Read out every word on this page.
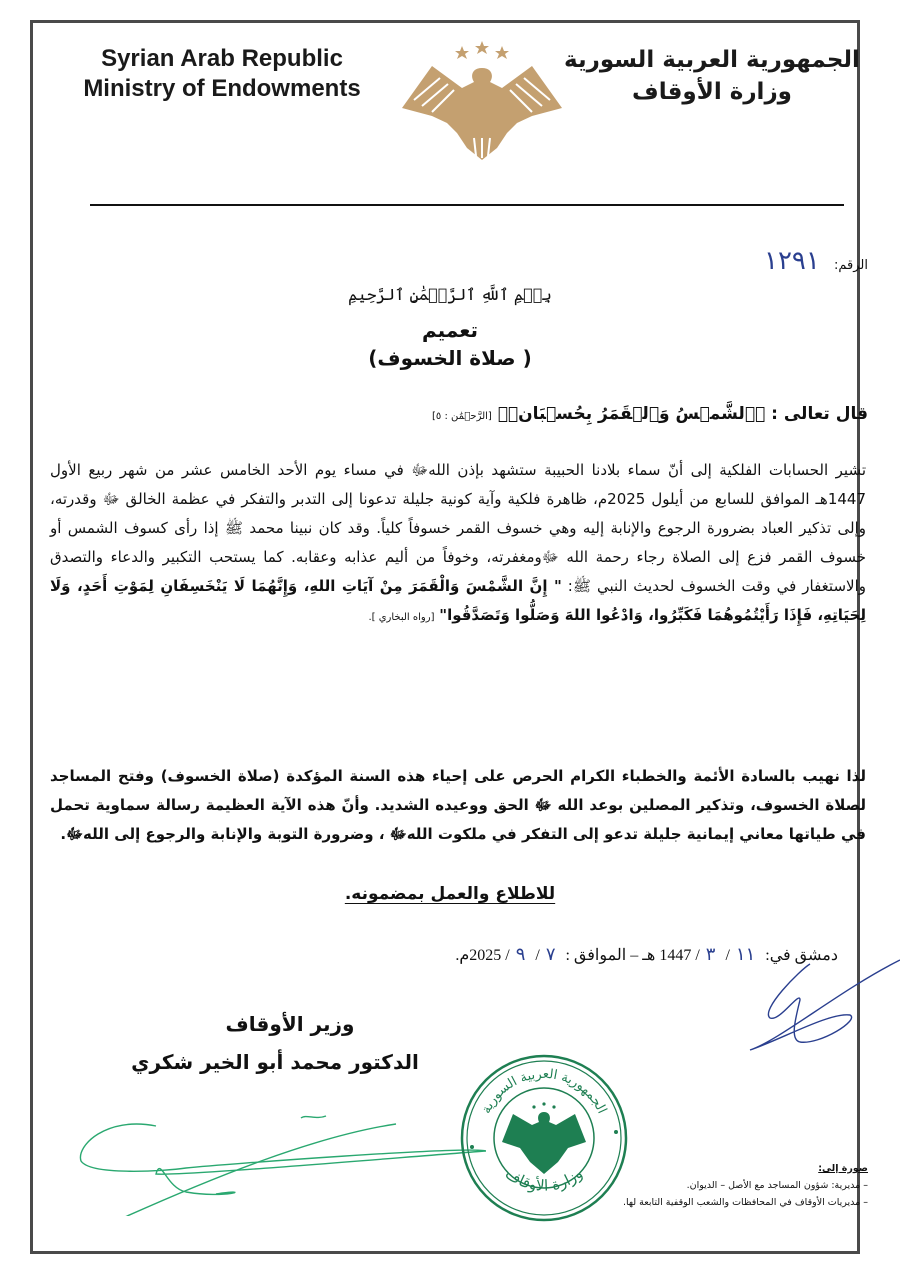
Syrian Arab Republic
Ministry of Endowments
الجمهورية العربية السورية
وزارة الأوقاف
الرقم: ١٢٩١
بِسۡمِ ٱللَّهِ ٱلرَّحۡمَٰنِ ٱلرَّحِيمِ
تعميم
( صلاة الخسوف)
قال تعالى : ﴿ٱلشَّمۡسُ وَٱلۡقَمَرُ بِحُسۡبَانٖ﴾ [الرَّحۡمَٰن : ٥]
تشير الحسابات الفلكية إلى أنّ سماء بلادنا الحبيبة ستشهد بإذن اللهﷻ في مساء يوم الأحد الخامس عشر من شهر ربيع الأول 1447هـ الموافق للسابع من أيلول 2025م، ظاهرة فلكية وآية كونية جليلة تدعونا إلى التدبر والتفكر في عظمة الخالق ﷻ وقدرته، وإلى تذكير العباد بضرورة الرجوع والإنابة إليه وهي خسوف القمر خسوفاً كلياً. وقد كان نبينا محمد ﷺ إذا رأى كسوف الشمس أو خسوف القمر فزع إلى الصلاة رجاء رحمة الله ﷻومغفرته، وخوفاً من أليم عذابه وعقابه. كما يستحب التكبير والدعاء والتصدق والاستغفار في وقت الخسوف لحديث النبي ﷺ: " إِنَّ الشَّمْسَ وَالْقَمَرَ مِنْ آيَاتِ اللهِ، وَإِنَّهُمَا لَا يَنْخَسِفَانِ لِمَوْتِ أَحَدٍ، وَلَا لِحَيَاتِهِ، فَإِذَا رَأَيْتُمُوهُمَا فَكَبِّرُوا، وَادْعُوا اللهَ وَصَلُّوا وَتَصَدَّقُوا" [رواه البخاري ].
لذا نهيب بالسادة الأئمة والخطباء الكرام الحرص على إحياء هذه السنة المؤكدة (صلاة الخسوف) وفتح المساجد لصلاة الخسوف، وتذكير المصلين بوعد الله ﷻ الحق ووعيده الشديد. وأنّ هذه الآية العظيمة رسالة سماوية تحمل في طياتها معاني إيمانية جليلة تدعو إلى التفكر في ملكوت اللهﷻ ، وضرورة التوبة والإنابة والرجوع إلى اللهﷻ.
للاطلاع والعمل بمضمونه.
دمشق في: ١١/ ٣/ 1447 هـ – الموافق : ٧/ ٩/ 2025م.
وزير الأوقاف
الدكتور محمد أبو الخير شكري
الجمهورية العربية السورية
وزارة الأوقاف	صورة إلى:
– مديرية: شؤون المساجد مع الأصل – الديوان.
– مديريات الأوقاف في المحافظات والشعب الوقفية التابعة لها.
